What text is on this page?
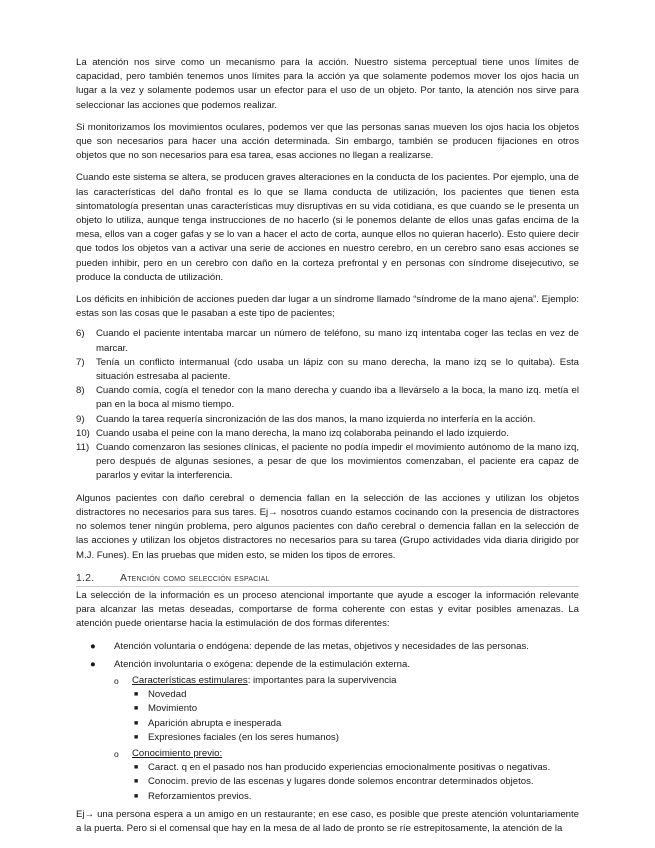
La atención nos sirve como un mecanismo para la acción. Nuestro sistema perceptual tiene unos límites de capacidad, pero también tenemos unos límites para la acción ya que solamente podemos mover los ojos hacia un lugar a la vez y solamente podemos usar un efector para el uso de un objeto. Por tanto, la atención nos sirve para seleccionar las acciones que podemos realizar.

Si monitorizamos los movimientos oculares, podemos ver que las personas sanas mueven los ojos hacia los objetos que son necesarios para hacer una acción determinada. Sin embargo, también se producen fijaciones en otros objetos que no son necesarios para esa tarea, esas acciones no llegan a realizarse.

Cuando este sistema se altera, se producen graves alteraciones en la conducta de los pacientes. Por ejemplo, una de las características del daño frontal es lo que se llama conducta de utilización, los pacientes que tienen esta sintomatología presentan unas características muy disruptivas en su vida cotidiana, es que cuando se le presenta un objeto lo utiliza, aunque tenga instrucciones de no hacerlo (si le ponemos delante de ellos unas gafas encima de la mesa, ellos van a coger gafas y se lo van a hacer el acto de corta, aunque ellos no quieran hacerlo). Esto quiere decir que todos los objetos van a activar una serie de acciones en nuestro cerebro, en un cerebro sano esas acciones se pueden inhibir, pero en un cerebro con daño en la corteza prefrontal y en personas con síndrome disejecutivo, se produce la conducta de utilización.

Los déficits en inhibición de acciones pueden dar lugar a un síndrome llamado “síndrome de la mano ajena”. Ejemplo: estas son las cosas que le pasaban a este tipo de pacientes;

6)	Cuando el paciente intentaba marcar un número de teléfono, su mano izq intentaba coger las teclas en vez de marcar.
7)	Tenía un conflicto intermanual (cdo usaba un lápiz con su mano derecha, la mano izq se lo quitaba). Esta situación estresaba al paciente.
8)	Cuando comía, cogía el tenedor con la mano derecha y cuando iba a llevárselo a la boca, la mano izq. metía el pan en la boca al mismo tiempo.
9)	Cuando la tarea requería sincronización de las dos manos, la mano izquierda no interfería en la acción.
10) Cuando usaba el peine con la mano derecha, la mano izq colaboraba peinando el lado izquierdo.
11) Cuando comenzaron las sesiones clínicas, el paciente no podía impedir el movimiento autónomo de la mano izq, pero después de algunas sesiones, a pesar de que los movimientos comenzaban, el paciente era capaz de pararlos y evitar la interferencia.

Algunos pacientes con daño cerebral o demencia fallan en la selección de las acciones y utilizan los objetos distractores no necesarios para sus tares. Ej→ nosotros cuando estamos cocinando con la presencia de distractores no solemos tener ningún problema, pero algunos pacientes con daño cerebral o demencia fallan en la selección de las acciones y utilizan los objetos distractores no necesarios para su tarea (Grupo actividades vida diaria dirigido por M.J. Funes). En las pruebas que miden esto, se miden los tipos de errores.

1.2.	Atención como selección espacial

La selección de la información es un proceso atencional importante que ayude a escoger la información relevante para alcanzar las metas deseadas, comportarse de forma coherente con estas y evitar posibles amenazas. La atención puede orientarse hacia la estimulación de dos formas diferentes:

● Atención voluntaria o endógena: depende de las metas, objetivos y necesidades de las personas.
● Atención involuntaria o exógena: depende de la estimulación externa.
o Características estimulares: importantes para la supervivencia
■ Novedad
■ Movimiento
■ Aparición abrupta e inesperada
■ Expresiones faciales (en los seres humanos)
o Conocimiento previo:
■ Caract. q en el pasado nos han producido experiencias emocionalmente positivas o negativas.
■ Conocim. previo de las escenas y lugares donde solemos encontrar determinados objetos.
■ Reforzamientos previos.

Ej→ una persona espera a un amigo en un restaurante; en ese caso, es posible que preste atención voluntariamente a la puerta. Pero si el comensal que hay en la mesa de al lado de pronto se ríe estrepitosamente, la atención de la
